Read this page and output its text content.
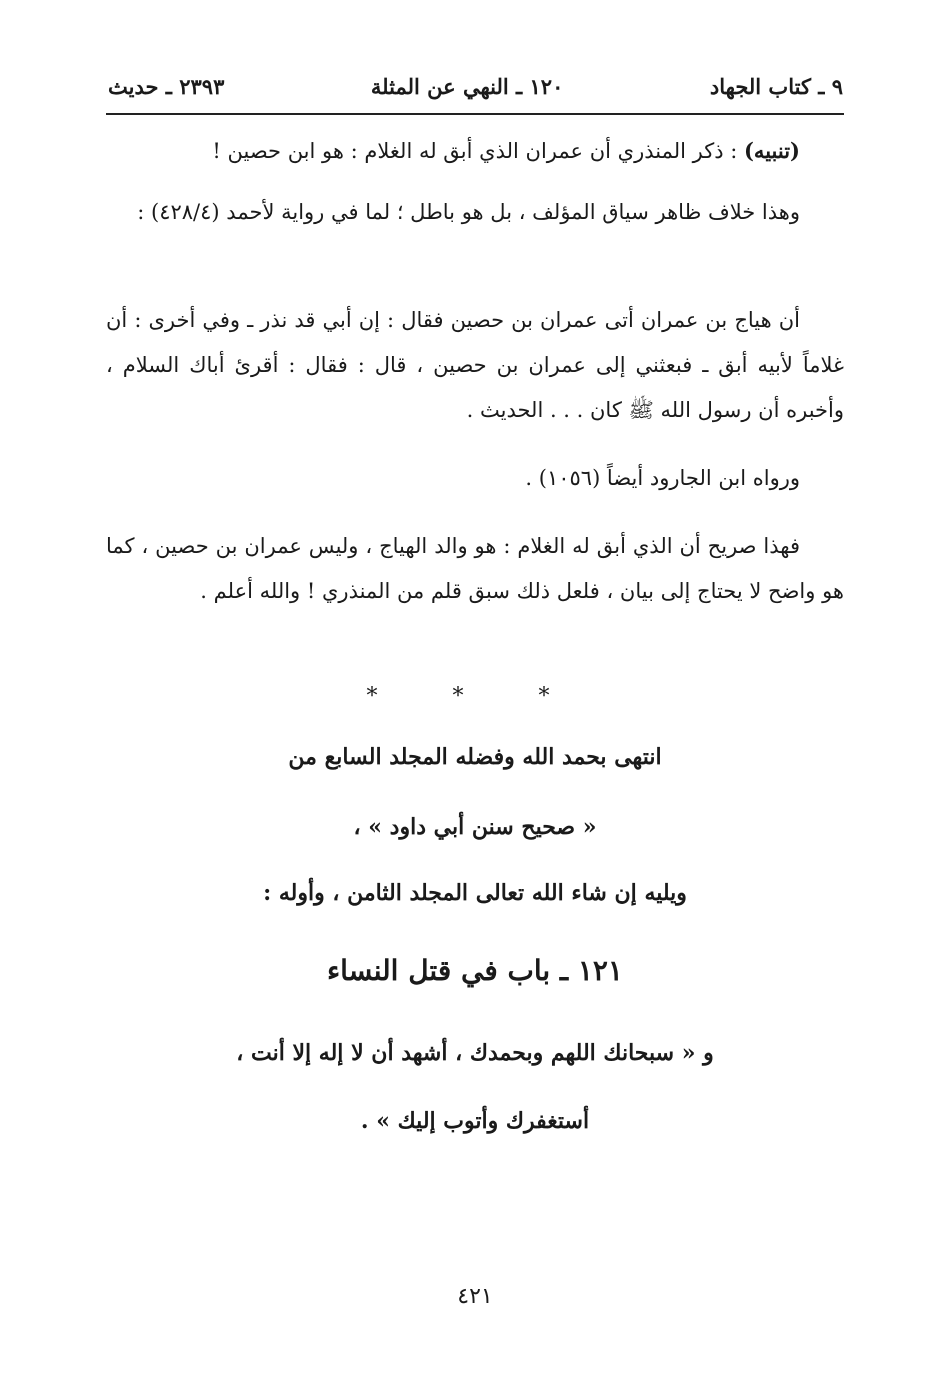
٩ ـ كتاب الجهاد
١٢٠ ـ النهي عن المثلة
٢٣٩٣ ـ حديث

(تنبيه) : ذكر المنذري أن عمران الذي أبق له الغلام : هو ابن حصين !

وهذا خلاف ظاهر سياق المؤلف ، بل هو باطل ؛ لما في رواية لأحمد (٤٢٨/٤) :

أن هياج بن عمران أتى عمران بن حصين فقال : إن أبي قد نذر ـ وفي أخرى : أن غلاماً لأبيه أبق ـ فبعثني إلى عمران بن حصين ، قال : فقال : أقرئ أباك السلام ، وأخبره أن رسول الله ﷺ كان . . . الحديث .

ورواه ابن الجارود أيضاً (١٠٥٦) .

فهذا صريح أن الذي أبق له الغلام : هو والد الهياج ، وليس عمران بن حصين ، كما هو واضح لا يحتاج إلى بيان ، فلعل ذلك سبق قلم من المنذري ! والله أعلم .

* * *
انتهى بحمد الله وفضله المجلد السابع من
« صحيح سنن أبي داود » ،
ويليه إن شاء الله تعالى المجلد الثامن ، وأوله :
١٢١ ـ باب في قتل النساء
و « سبحانك اللهم وبحمدك ، أشهد أن لا إله إلا أنت ،
أستغفرك وأتوب إليك » .
٤٢١
